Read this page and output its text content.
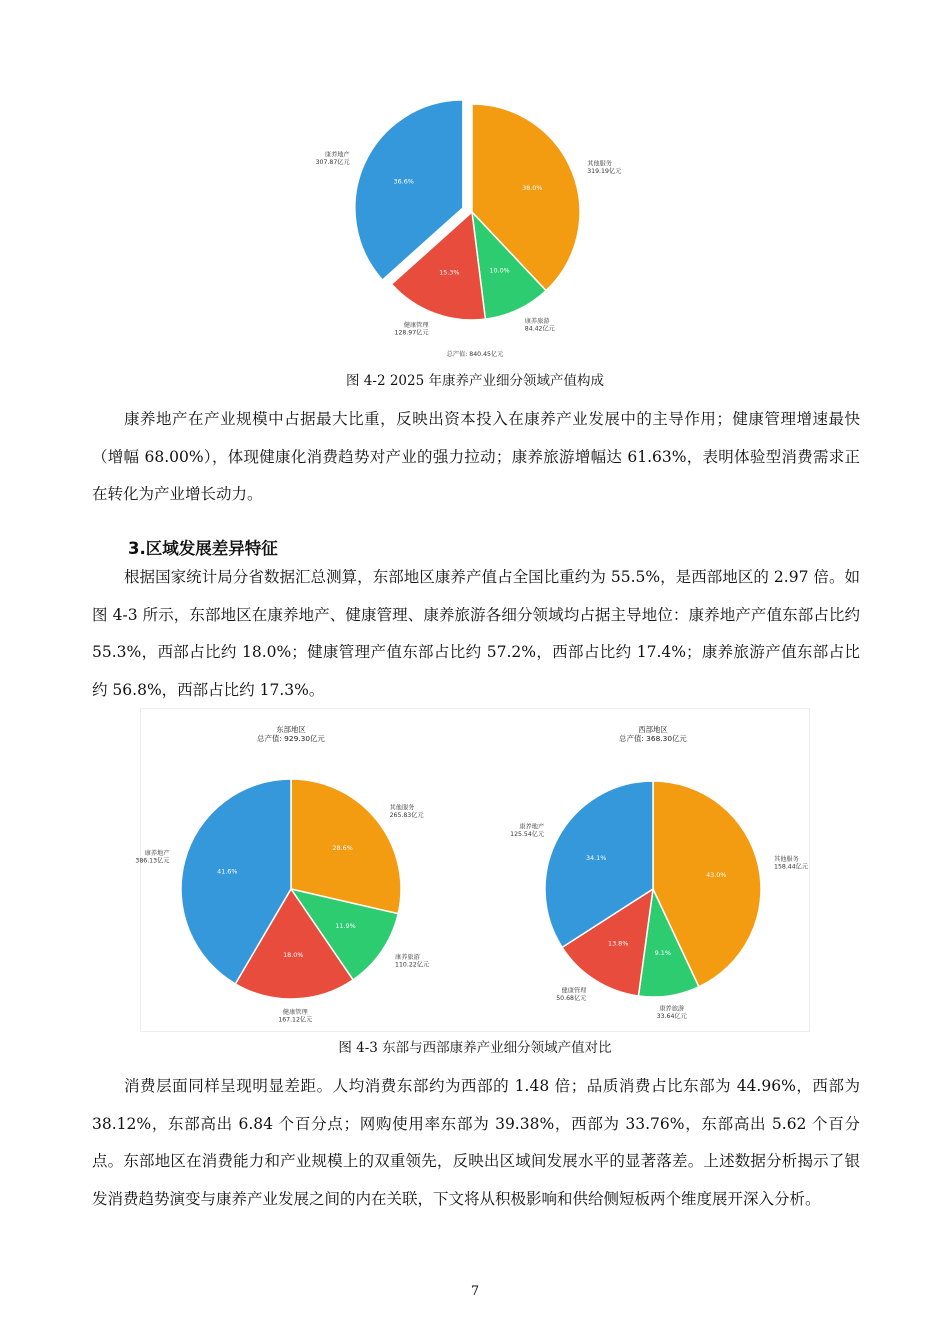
38.0%
其他服务
319.19亿元
10.0%
康养旅游
84.42亿元
15.3%
健康管理
128.97亿元
36.6%
康养地产
307.87亿元
总产值: 840.45亿元
图 4-2 2025 年康养产业细分领域产值构成

康养地产在产业规模中占据最大比重，反映出资本投入在康养产业发展中的主导作用；健康管理增速最快（增幅 68.00%），体现健康化消费趋势对产业的强力拉动；康养旅游增幅达 61.63%，表明体验型消费需求正在转化为产业增长动力。

3.区域发展差异特征

根据国家统计局分省数据汇总测算，东部地区康养产值占全国比重约为 55.5%，是西部地区的 2.97 倍。如图 4-3 所示，东部地区在康养地产、健康管理、康养旅游各细分领域均占据主导地位：康养地产产值东部占比约 55.3%，西部占比约 18.0%；健康管理产值东部占比约 57.2%，西部占比约 17.4%；康养旅游产值东部占比约 56.8%，西部占比约 17.3%。

东部地区
总产值: 929.30亿元
西部地区
总产值: 368.30亿元
28.6%
其他服务
265.83亿元
11.9%
康养旅游
110.22亿元
18.0%
健康管理
167.12亿元
41.6%
康养地产
386.13亿元
43.0%
其他服务
158.44亿元
9.1%
康养旅游
33.64亿元
13.8%
健康管理
50.68亿元
34.1%
康养地产
125.54亿元
图 4-3 东部与西部康养产业细分领域产值对比

消费层面同样呈现明显差距。人均消费东部约为西部的 1.48 倍；品质消费占比东部为 44.96%，西部为 38.12%，东部高出 6.84 个百分点；网购使用率东部为 39.38%，西部为 33.76%，东部高出 5.62 个百分点。东部地区在消费能力和产业规模上的双重领先，反映出区域间发展水平的显著落差。上述数据分析揭示了银发消费趋势演变与康养产业发展之间的内在关联，下文将从积极影响和供给侧短板两个维度展开深入分析。

7
